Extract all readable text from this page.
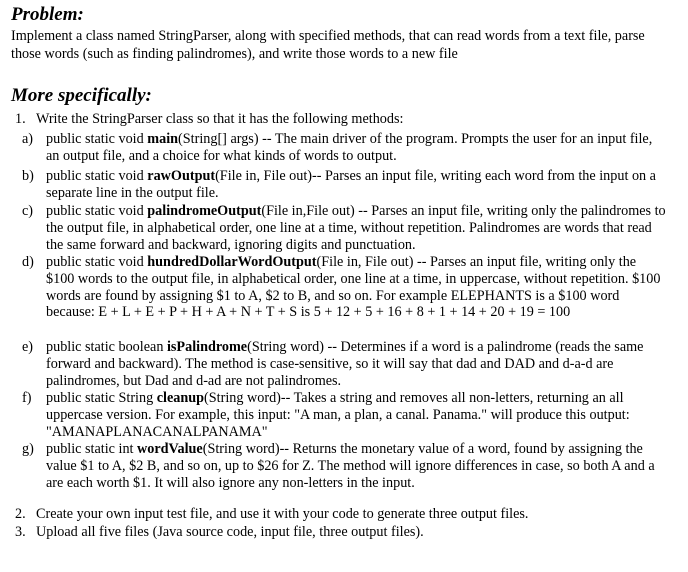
Problem:
Implement a class named StringParser, along with specified methods, that can read words from a text file, parse those words (such as finding palindromes), and write those words to a new file
More specifically:
1. Write the StringParser class so that it has the following methods:
a) public static void main(String[] args) -- The main driver of the program. Prompts the user for an input file, an output file, and a choice for what kinds of words to output.
b) public static void rawOutput(File in, File out)-- Parses an input file, writing each word from the input on a separate line in the output file.
c) public static void palindromeOutput(File in,File out) -- Parses an input file, writing only the palindromes to the output file, in alphabetical order, one line at a time, without repetition. Palindromes are words that read the same forward and backward, ignoring digits and punctuation.
d) public static void hundredDollarWordOutput(File in, File out) -- Parses an input file, writing only the $100 words to the output file, in alphabetical order, one line at a time, in uppercase, without repetition. $100 words are found by assigning $1 to A, $2 to B, and so on. For example ELEPHANTS is a $100 word because: E + L + E + P + H + A + N + T + S is 5 + 12 + 5 + 16 + 8 + 1 + 14 + 20 + 19 = 100
e) public static boolean isPalindrome(String word) -- Determines if a word is a palindrome (reads the same forward and backward). The method is case-sensitive, so it will say that dad and DAD and d-a-d are palindromes, but Dad and d-ad are not palindromes.
f)	public static String cleanup(String word)-- Takes a string and removes all non-letters, returning an all uppercase version. For example, this input: "A man, a plan, a canal. Panama." will produce this output: "AMANAPLANACANALPANAMA"
g) public static int wordValue(String word)-- Returns the monetary value of a word, found by assigning the value $1 to A, $2 B, and so on, up to $26 for Z. The method will ignore differences in case, so both A and a are each worth $1. It will also ignore any non-letters in the input.
2. Create your own input test file, and use it with your code to generate three output files.
3. Upload all five files (Java source code, input file, three output files).
